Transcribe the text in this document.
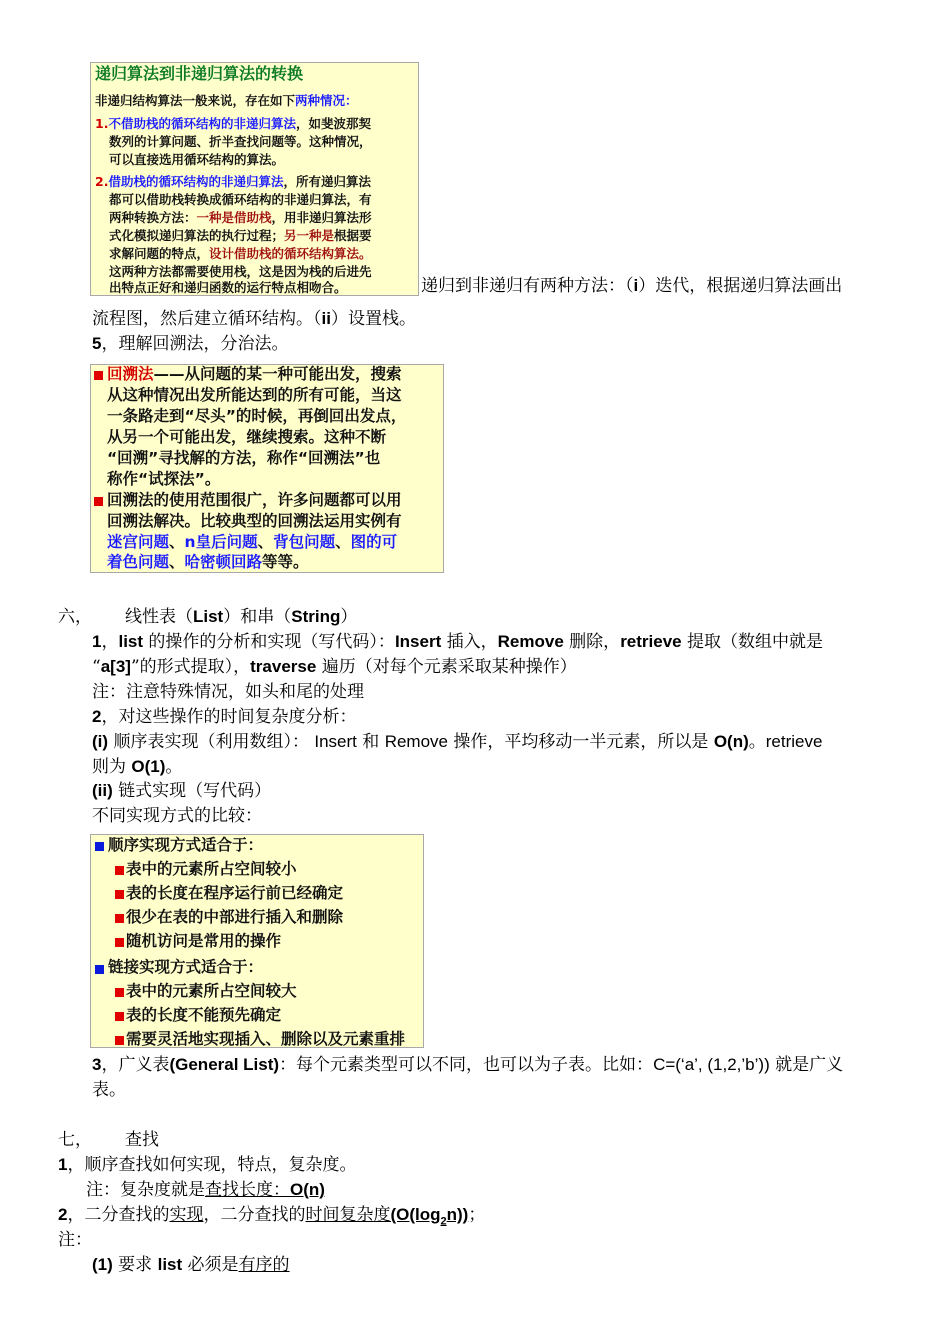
递归算法到非递归算法的转换
非递归结构算法一般来说，存在如下两种情况：
1.不借助栈的循环结构的非递归算法，如斐波那契
数列的计算问题、折半查找问题等。这种情况，
可以直接选用循环结构的算法。
2.借助栈的循环结构的非递归算法，所有递归算法
都可以借助栈转换成循环结构的非递归算法，有
两种转换方法：一种是借助栈，用非递归算法形
式化模拟递归算法的执行过程；另一种是根据要
求解问题的特点，设计借助栈的循环结构算法。
这两种方法都需要使用栈，这是因为栈的后进先
出特点正好和递归函数的运行特点相吻合。	递归到非递归有两种方法：（i）迭代，根据递归算法画出
流程图，然后建立循环结构。（ii）设置栈。
5，理解回溯法，分治法。
回溯法——从问题的某一种可能出发，搜索
从这种情况出发所能达到的所有可能，当这
一条路走到“尽头”的时候，再倒回出发点，
从另一个可能出发，继续搜索。这种不断
“回溯”寻找解的方法，称作“回溯法”也
称作“试探法”。
回溯法的使用范围很广，许多问题都可以用
回溯法解决。比较典型的回溯法运用实例有
迷宫问题、n皇后问题、背包问题、图的可
着色问题、哈密顿回路等等。
六， 线性表（List）和串（String）
1，list 的操作的分析和实现（写代码）：Insert 插入，Remove 删除，retrieve 提取（数组中就是
“a[3]”的形式提取），traverse 遍历（对每个元素采取某种操作）
注：注意特殊情况，如头和尾的处理
2，对这些操作的时间复杂度分析：
(i) 顺序表实现（利用数组）： Insert 和 Remove 操作，平均移动一半元素，所以是 O(n)。retrieve
则为 O(1)。
(ii) 链式实现（写代码）
不同实现方式的比较：
顺序实现方式适合于：
表中的元素所占空间较小
表的长度在程序运行前已经确定
很少在表的中部进行插入和删除
随机访问是常用的操作
链接实现方式适合于：
表中的元素所占空间较大
表的长度不能预先确定
需要灵活地实现插入、删除以及元素重排
3，广义表(General List)：每个元素类型可以不同，也可以为子表。比如：C=(‘a’, (1,2,’b’)) 就是广义
表。
七， 查找
1，顺序查找如何实现，特点，复杂度。
注：复杂度就是查找长度：O(n)
2，二分查找的实现，二分查找的时间复杂度$(O(\log_2n))$；
注：
(1) 要求 list 必须是有序的
